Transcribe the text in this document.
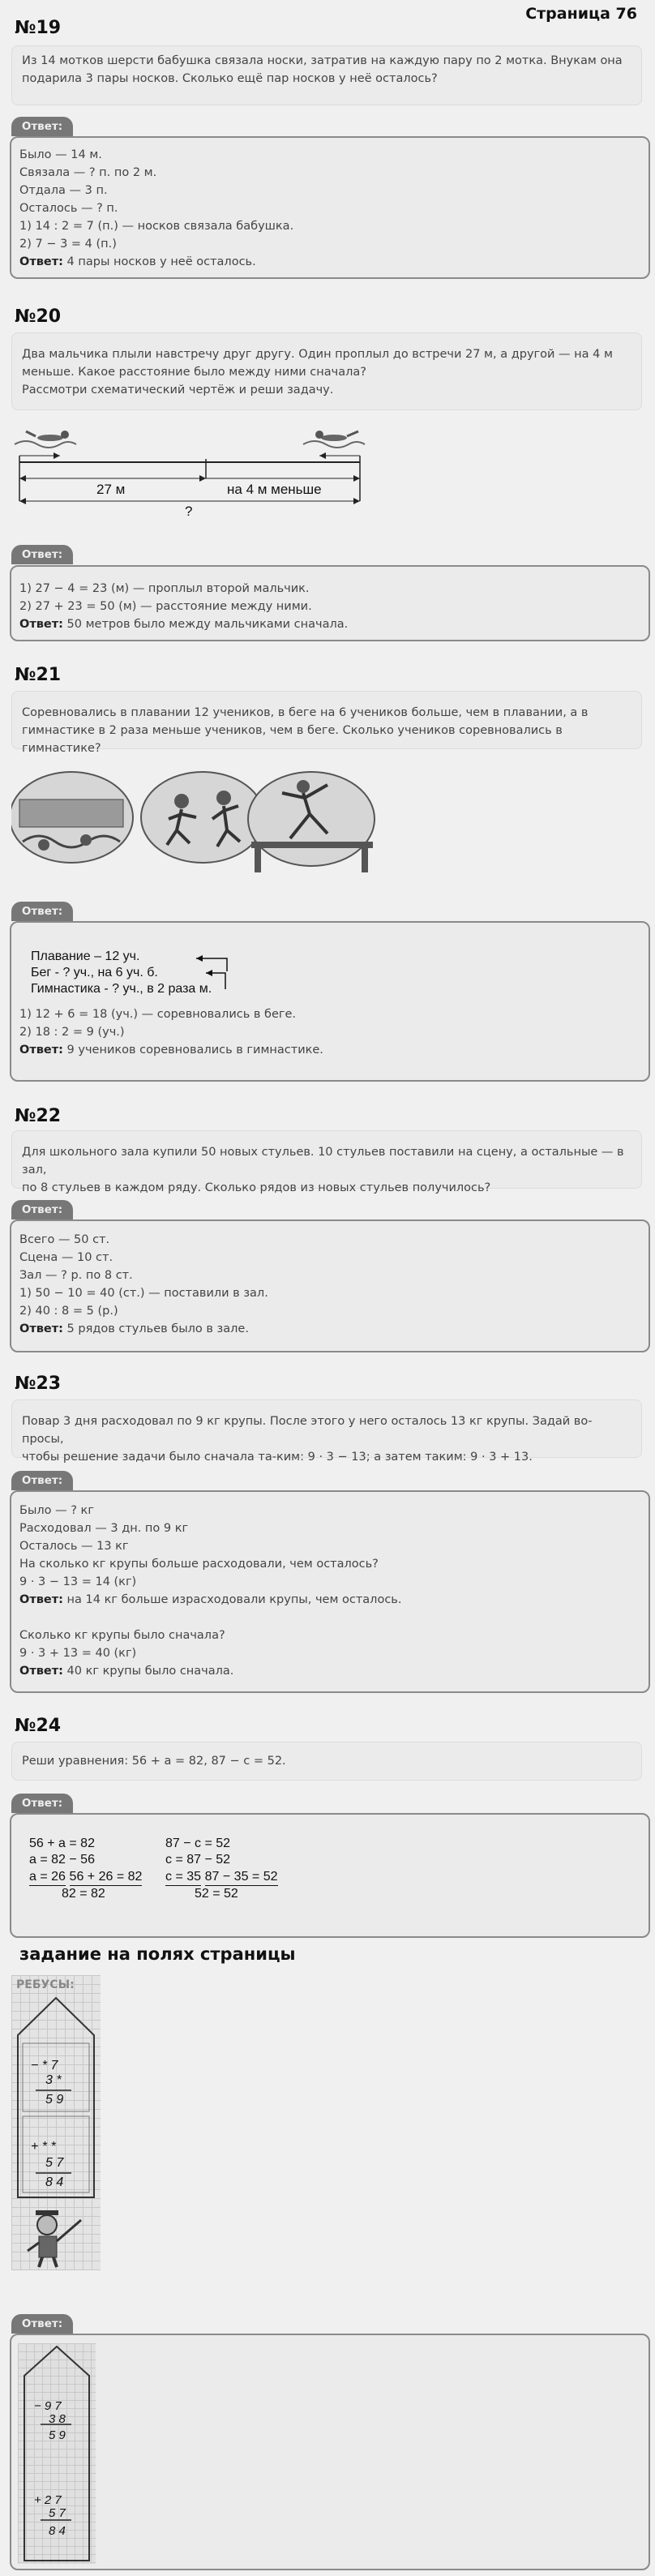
Страница 76
№19
Из 14 мотков шерсти бабушка связала носки, затратив на каждую пару по 2 мотка. Внукам она подарила 3 пары носков. Сколько ещё пар носков у неё осталось?
Ответ:
Было — 14 м.
Связала — ? п. по 2 м.
Отдала — 3 п.
Осталось — ? п.
1) 14 : 2 = 7 (п.) — носков связала бабушка.
2) 7 − 3 = 4 (п.)
Ответ: 4 пары носков у неё осталось.
№20
Два мальчика плыли навстречу друг другу. Один проплыл до встречи 27 м, а другой — на 4 м
меньше. Какое расстояние было между ними сначала?
Рассмотри схематический чертёж и реши задачу.
27 м	на 4 м меньше
?
Ответ:
1) 27 − 4 = 23 (м) — проплыл второй мальчик.
2) 27 + 23 = 50 (м) — расстояние между ними.
Ответ: 50 метров было между мальчиками сначала.
№21
Соревновались в плавании 12 учеников, в беге на 6 учеников больше, чем в плавании, а в
гимнастике в 2 раза меньше учеников, чем в беге. Сколько учеников соревновались в гимнастике?
Ответ:
Плавание – 12 уч.
Бег - ? уч., на 6 уч. б.
Гимнастика - ? уч., в 2 раза м.
1) 12 + 6 = 18 (уч.) — соревновались в беге.
2) 18 : 2 = 9 (уч.)
Ответ: 9 учеников соревновались в гимнастике.
№22
Для школьного зала купили 50 новых стульев. 10 стульев поставили на сцену, а остальные — в зал,
по 8 стульев в каждом ряду. Сколько рядов из новых стульев получилось?
Ответ:
Всего — 50 ст.
Сцена — 10 ст.
Зал — ? р. по 8 ст.
1) 50 − 10 = 40 (ст.) — поставили в зал.
2) 40 : 8 = 5 (р.)
Ответ: 5 рядов стульев было в зале.
№23
Повар 3 дня расходовал по 9 кг крупы. После этого у него осталось 13 кг крупы. Задай во-просы,
чтобы решение задачи было сначала та-ким: 9 · 3 − 13; а затем таким: 9 · 3 + 13.
Ответ:
Было — ? кг
Расходовал — 3 дн. по 9 кг
Осталось — 13 кг
На сколько кг крупы больше расходовали, чем осталось?
9 · 3 − 13 = 14 (кг)
Ответ: на 14 кг больше израсходовали крупы, чем осталось.
Сколько кг крупы было сначала?
9 · 3 + 13 = 40 (кг)
Ответ: 40 кг крупы было сначала.
№24
Реши уравнения: 56 + а = 82, 87 − с = 52.
Ответ:
56 + а = 82
а = 82 − 56
а = 26 56 + 26 = 82
82 = 82
87 − с = 52
с = 87 − 52
с = 35 87 − 35 = 52
52 = 52
задание на полях страницы
РЕБУСЫ:
− * 7
3 *
5 9
+ * *
5 7
8 4
Ответ:
− 9 7
3 8
5 9
+ 2 7
5 7
8 4
